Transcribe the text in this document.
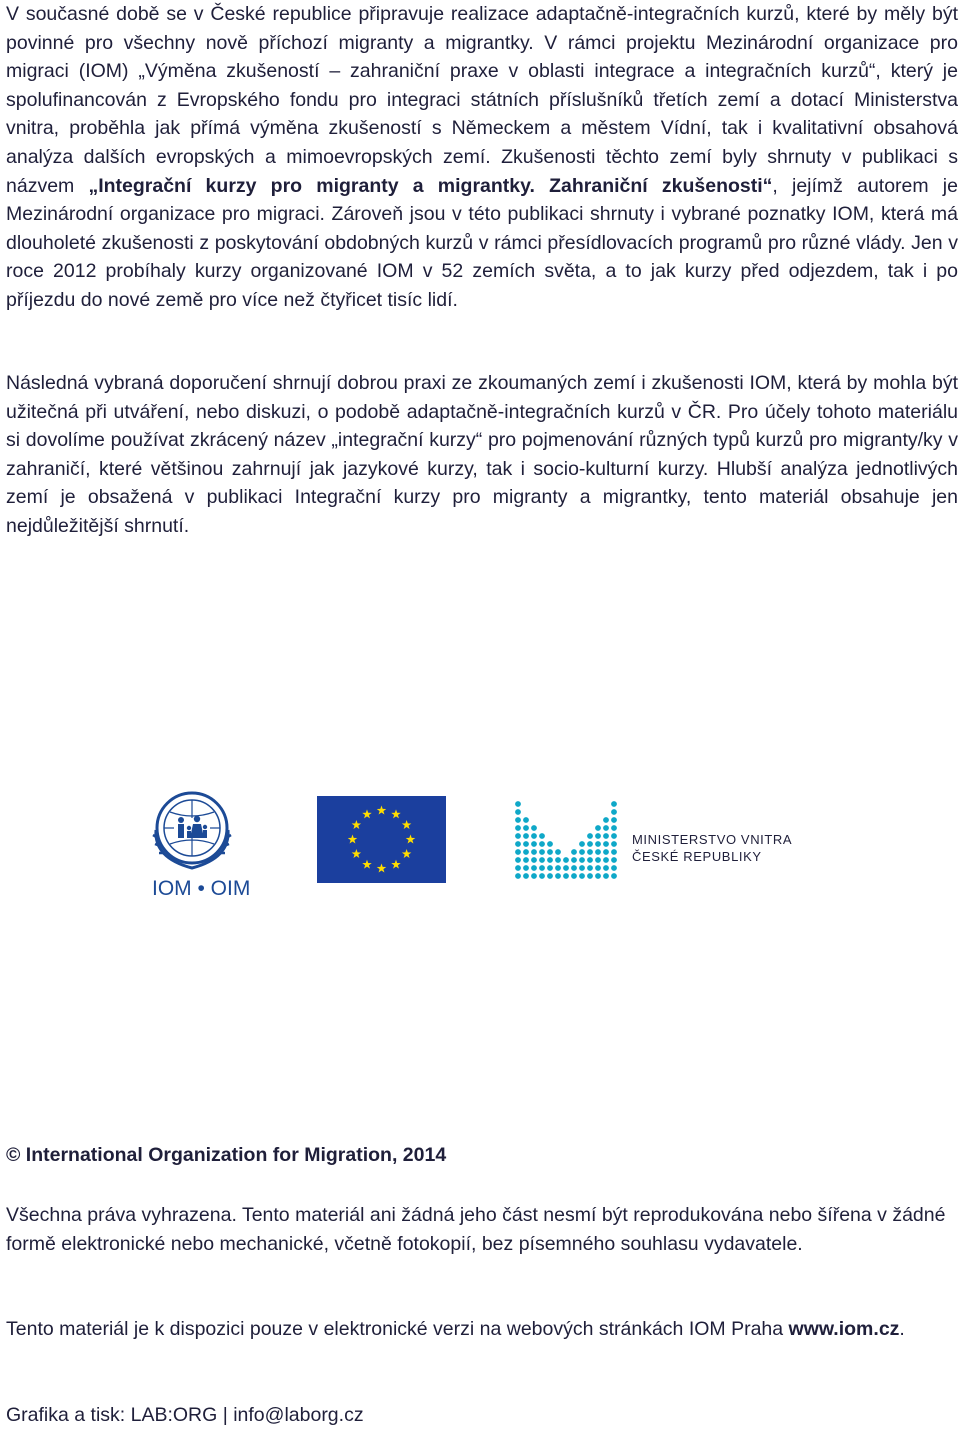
V současné době se v České republice připravuje realizace adaptačně-integračních kurzů, které by měly být povinné pro všechny nově příchozí migranty a migrantky. V rámci projektu Mezinárodní organizace pro migraci (IOM) „Výměna zkušeností – zahraniční praxe v oblasti integrace a integračních kurzů“, který je spolufinancován z Evropského fondu pro integraci státních příslušníků třetích zemí a dotací Ministerstva vnitra, proběhla jak přímá výměna zkušeností s Německem a městem Vídní, tak i kvalitativní obsahová analýza dalších evropských a mimoevropských zemí. Zkušenosti těchto zemí byly shrnuty v publikaci s názvem „Integrační kurzy pro migranty a migrantky. Zahraniční zkušenosti“, jejímž autorem je Mezinárodní organizace pro migraci. Zároveň jsou v této publikaci shrnuty i vybrané poznatky IOM, která má dlouholeté zkušenosti z poskytování obdobných kurzů v rámci přesídlovacích programů pro různé vlády. Jen v roce 2012 probíhaly kurzy organizované IOM v 52 zemích světa, a to jak kurzy před odjezdem, tak i po příjezdu do nové země pro více než čtyřicet tisíc lidí.

Následná vybraná doporučení shrnují dobrou praxi ze zkoumaných zemí i zkušenosti IOM, která by mohla být užitečná při utváření, nebo diskuzi, o podobě adaptačně-integračních kurzů v ČR. Pro účely tohoto materiálu si dovolíme používat zkrácený název „integrační kurzy“ pro pojmenování různých typů kurzů pro migranty/ky v zahraničí, které většinou zahrnují jak jazykové kurzy, tak i socio-kulturní kurzy. Hlubší analýza jednotlivých zemí je obsažená v publikaci Integrační kurzy pro migranty a migrantky, tento materiál obsahuje jen nejdůležitější shrnutí.

IOM • OIM
MINISTERSTVO VNITRA
ČESKÉ REPUBLIKY

© International Organization for Migration, 2014

Všechna práva vyhrazena. Tento materiál ani žádná jeho část nesmí být reprodukována nebo šířena v žádné formě elektronické nebo mechanické, včetně fotokopií, bez písemného souhlasu vydavatele.

Tento materiál je k dispozici pouze v elektronické verzi na webových stránkách IOM Praha www.iom.cz.

Grafika a tisk: LAB:ORG | info@laborg.cz
